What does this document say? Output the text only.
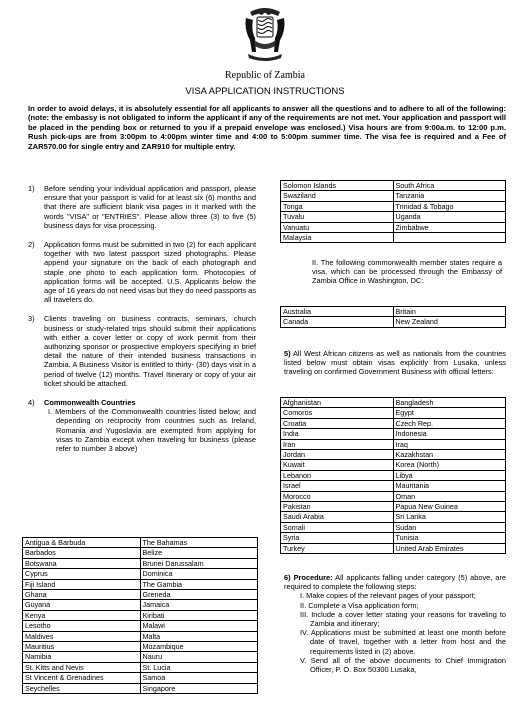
Republic of Zambia
VISA APPLICATION INSTRUCTIONS
In order to avoid delays, it is absolutely essential for all applicants to answer all the questions and to adhere to all of the following: (note: the embassy is not obligated to inform the applicant if any of the requirements are not met. Your application and passport will be placed in the pending box or returned to you if a prepaid envelope was enclosed.) Visa hours are from 9:00a.m. to 12:00 p.m. Rush pick-ups are from 3:00pm to 4:00pm winter time and 4:00 to 5:00pm summer time. The visa fee is required and a Fee of ZAR570.00 for single entry and ZAR910 for multiple entry.
1) Before sending your individual application and passport, please ensure that your passport is valid for at least six (6) months and that there are sufficient blank visa pages in it marked with the words "VISA" or "ENTRIES". Please allow three (3) to five (5) business days for visa processing.
2) Application forms must be submitted in two (2) for each applicant together with two latest passport sized photographs. Please append your signature on the back of each photograph and staple one photo to each application form. Photocopies of application forms will be accepted. U.S. Applicants below the age of 16 years do not need visas but they do need passports as all travelers do.
3) Clients traveling on business contracts, seminars, church business or study-related trips should submit their applications with either a cover letter or copy of work permit from their authorizing sponsor or prospective employers specifying in brief detail the nature of their intended business transactions in Zambia. A Business Visitor is entitled to thirty- (30) days visit in a period of twelve (12) months. Travel Itinerary or copy of your air ticket should be attached.
4) Commonwealth Countries
I. Members of the Commonwealth countries listed below; and depending on reciprocity from countries such as Ireland, Romania and Yugoslavia are exempted from applying for visas to Zambia except when traveling for business (please refer to number 3 above)
Antigua & Barbuda	The Bahamas
Barbados	Belize
Botswana	Brunei Darussalam
Cyprus	Dominica
Fiji Island	The Gambia
Ghana	Greneda
Guyana	Jamaica
Kenya	Kiribati
Lesotho	Malawi
Maldives	Malta
Mauritius	Mozambique
Namibia	Nauru
St. Kitts and Nevis	St. Lucia
St Vincent & Grenadines	Samoa
Seychelles	Singapore
Solomon Islands	South Africa
Swaziland	Tanzania
Tonga	Trinidad & Tobago
Tuvalu	Uganda
Vanuatu	Zimbabwe
Malaysia	
II. The following commonwealth member states require a visa, which can be processed through the Embassy of Zambia Office in Washington, DC:
Australia	Britain
Canada	New Zealand
5) All West African citizens as well as nationals from the countries listed below must obtain visas explicitly from Lusaka, unless traveling on confirmed Government Business with official letters:
Afghanistan	Bangladesh
Comoros	Egypt
Croatia	Czech Rep.
India	Indonesia
Iran	Iraq
Jordan	Kazakhstan
Kuwait	Korea (North)
Lebanon	Libya
Israel	Mauritania
Morocco	Oman
Pakistan	Papua New Guinea
Saudi Arabia	Sri Lanka
Somali	Sudan
Syria	Tunisia
Turkey	United Arab Emirates
6) Procedure: All applicants falling under category (5) above, are required to complete the following steps:
I. Make copies of the relevant pages of your passport;
II. Complete a Visa application form;
III. Include a cover letter stating your reasons for traveling to Zambia and itinerary;
IV. Applications must be submitted at least one month before date of travel, together with a letter from host and the requirements listed in (2) above.
V. Send all of the above documents to Chief Immigration Officer, P. O. Box 50300 Lusaka,
